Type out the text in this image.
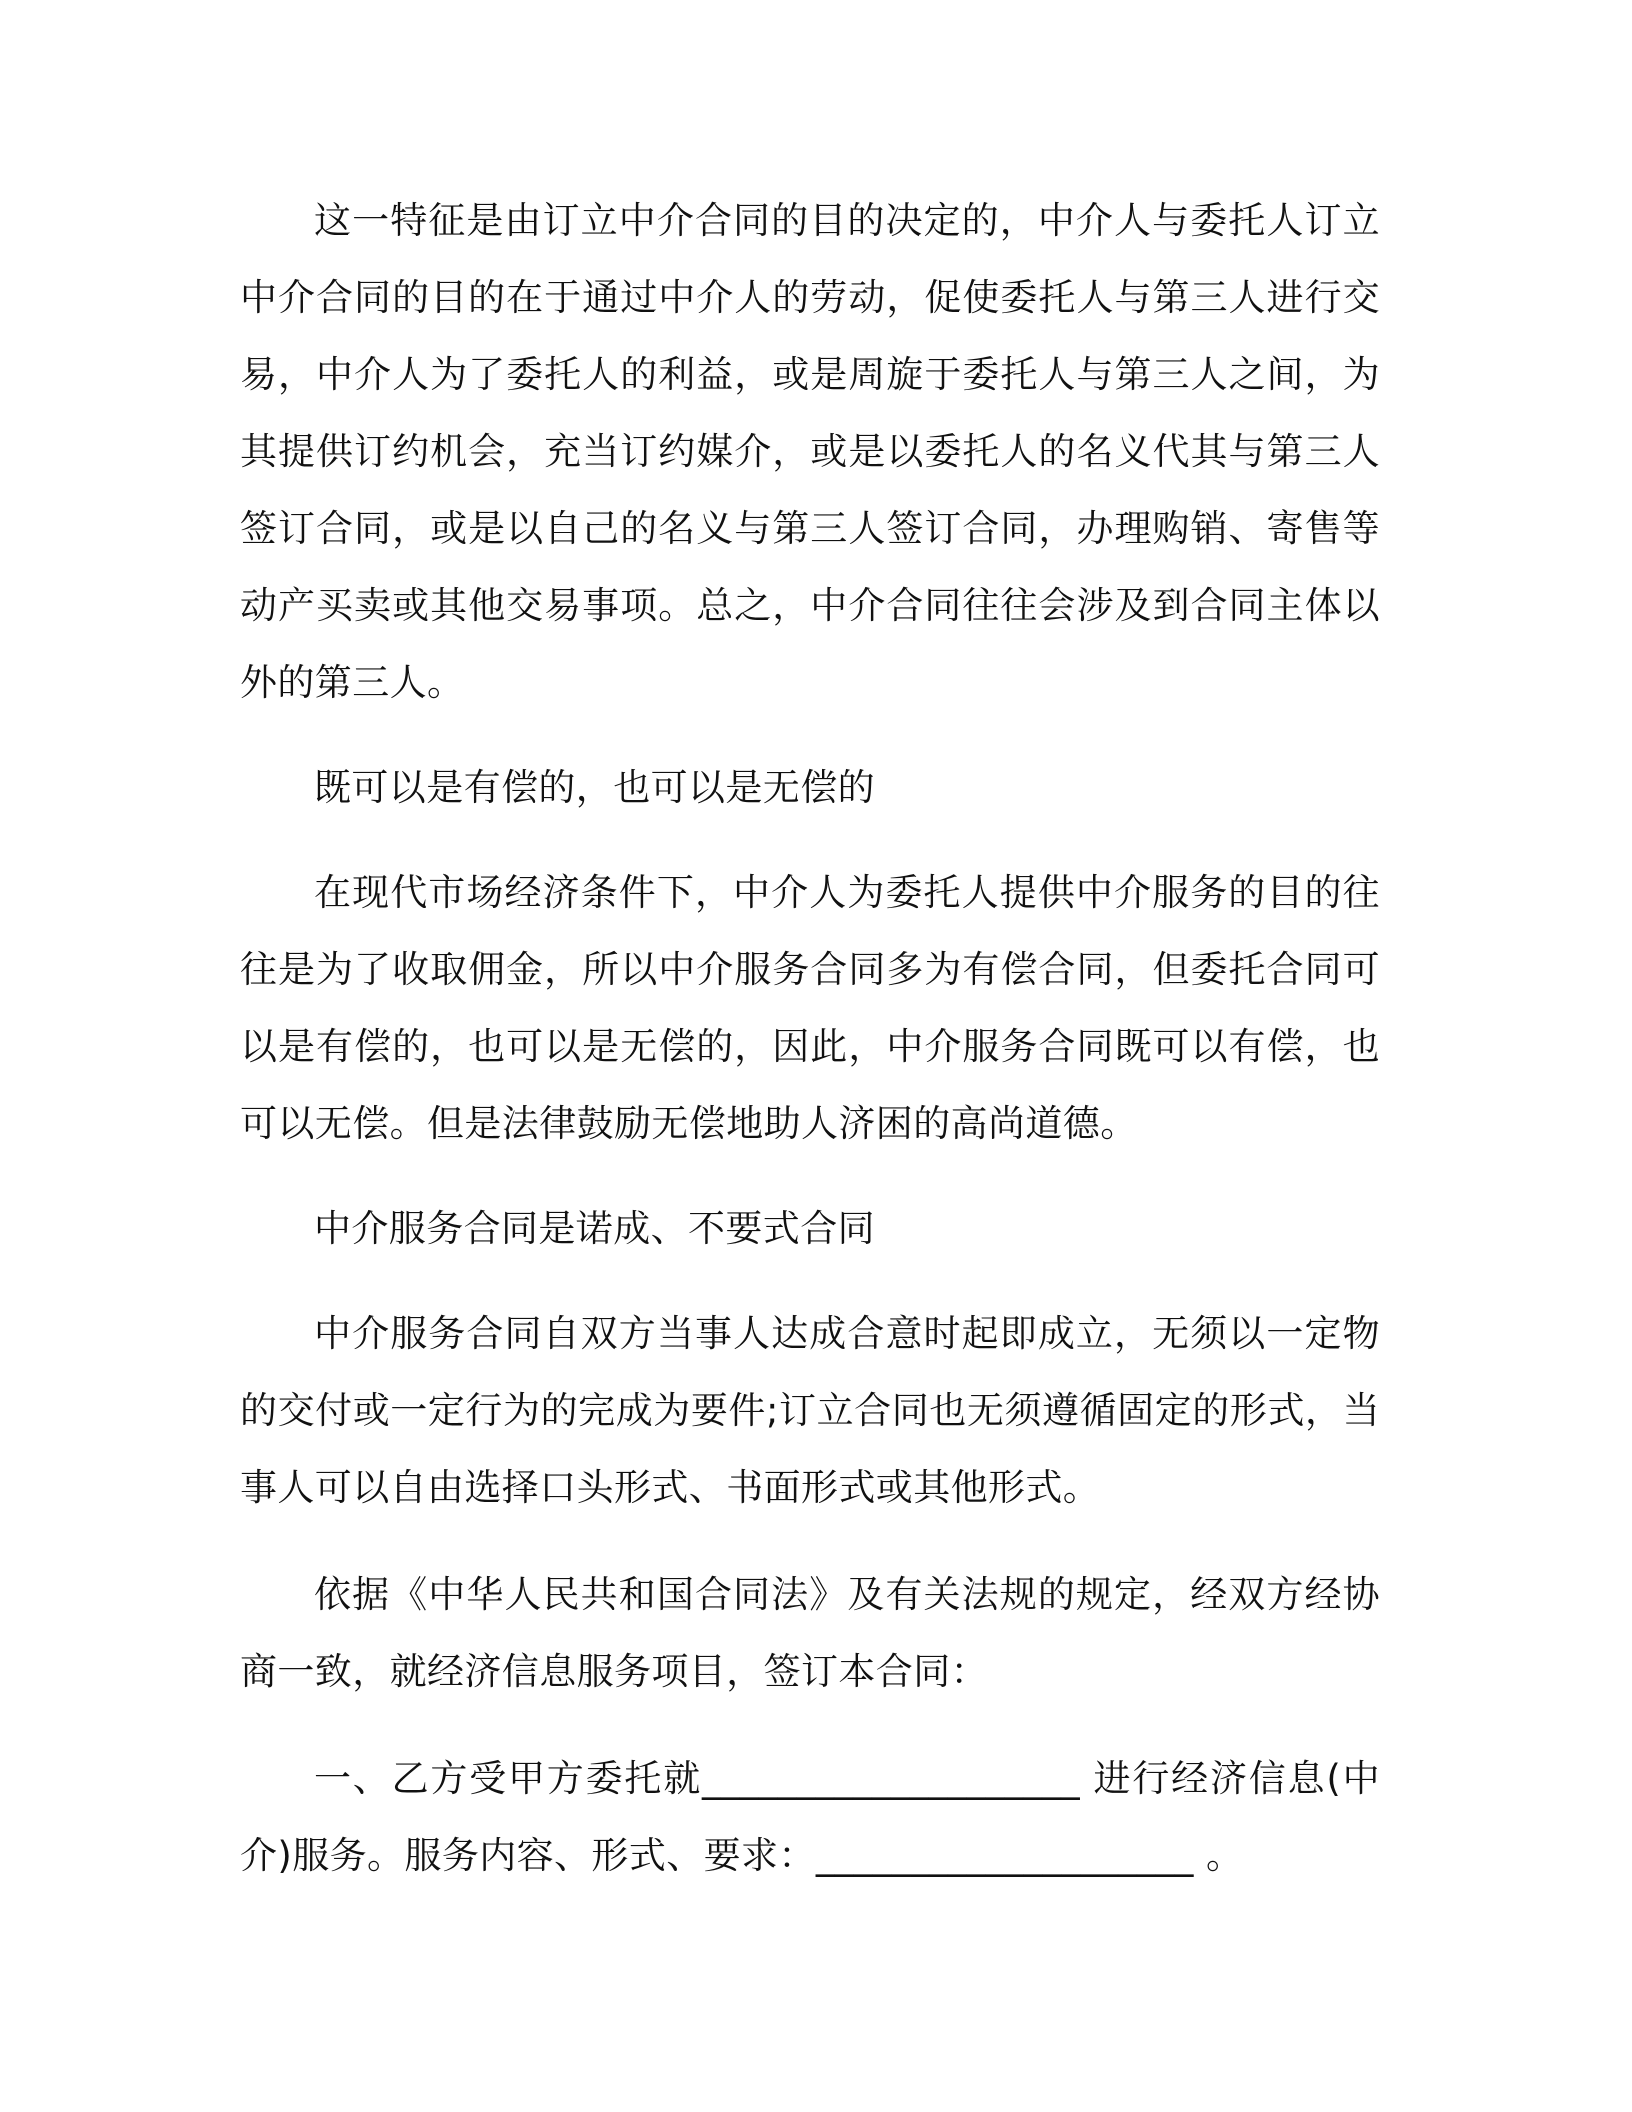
这一特征是由订立中介合同的目的决定的，中介人与委托人订立中介合同的目的在于通过中介人的劳动，促使委托人与第三人进行交易，中介人为了委托人的利益，或是周旋于委托人与第三人之间，为其提供订约机会，充当订约媒介，或是以委托人的名义代其与第三人签订合同，或是以自己的名义与第三人签订合同，办理购销、寄售等动产买卖或其他交易事项。总之，中介合同往往会涉及到合同主体以外的第三人。

既可以是有偿的，也可以是无偿的

在现代市场经济条件下，中介人为委托人提供中介服务的目的往往是为了收取佣金，所以中介服务合同多为有偿合同，但委托合同可以是有偿的，也可以是无偿的，因此，中介服务合同既可以有偿，也可以无偿。但是法律鼓励无偿地助人济困的高尚道德。

中介服务合同是诺成、不要式合同

中介服务合同自双方当事人达成合意时起即成立，无须以一定物的交付或一定行为的完成为要件;订立合同也无须遵循固定的形式，当事人可以自由选择口头形式、书面形式或其他形式。

依据《中华人民共和国合同法》及有关法规的规定，经双方经协商一致，就经济信息服务项目，签订本合同：

一、乙方受甲方委托就____________________ 进行经济信息(中介)服务。服务内容、形式、要求：____________________ 。
